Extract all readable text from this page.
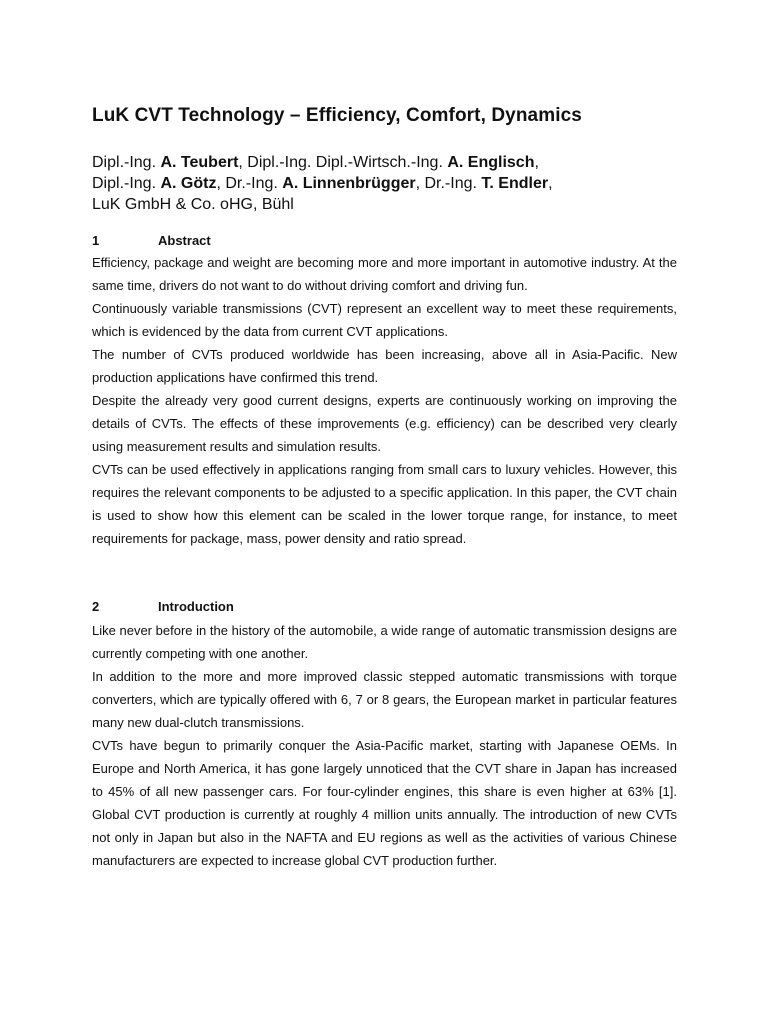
LuK CVT Technology – Efficiency, Comfort, Dynamics
Dipl.-Ing. A. Teubert, Dipl.-Ing. Dipl.-Wirtsch.-Ing. A. Englisch,
Dipl.-Ing. A. Götz, Dr.-Ing. A. Linnenbrügger, Dr.-Ing. T. Endler,
LuK GmbH & Co. oHG, Bühl
1	Abstract

Efficiency, package and weight are becoming more and more important in automotive industry. At the same time, drivers do not want to do without driving comfort and driving fun.

Continuously variable transmissions (CVT) represent an excellent way to meet these requirements, which is evidenced by the data from current CVT applications.

The number of CVTs produced worldwide has been increasing, above all in Asia-Pacific. New production applications have confirmed this trend.

Despite the already very good current designs, experts are continuously working on improving the details of CVTs. The effects of these improvements (e.g. efficiency) can be described very clearly using measurement results and simulation results.

CVTs can be used effectively in applications ranging from small cars to luxury vehicles. However, this requires the relevant components to be adjusted to a specific application. In this paper, the CVT chain is used to show how this element can be scaled in the lower torque range, for instance, to meet requirements for package, mass, power density and ratio spread.

2	Introduction

Like never before in the history of the automobile, a wide range of automatic transmission designs are currently competing with one another.

In addition to the more and more improved classic stepped automatic transmissions with torque converters, which are typically offered with 6, 7 or 8 gears, the European market in particular features many new dual-clutch transmissions.

CVTs have begun to primarily conquer the Asia-Pacific market, starting with Japanese OEMs. In Europe and North America, it has gone largely unnoticed that the CVT share in Japan has increased to 45% of all new passenger cars. For four-cylinder engines, this share is even higher at 63% [1]. Global CVT production is currently at roughly 4 million units annually. The introduction of new CVTs not only in Japan but also in the NAFTA and EU regions as well as the activities of various Chinese manufacturers are expected to increase global CVT production further.
